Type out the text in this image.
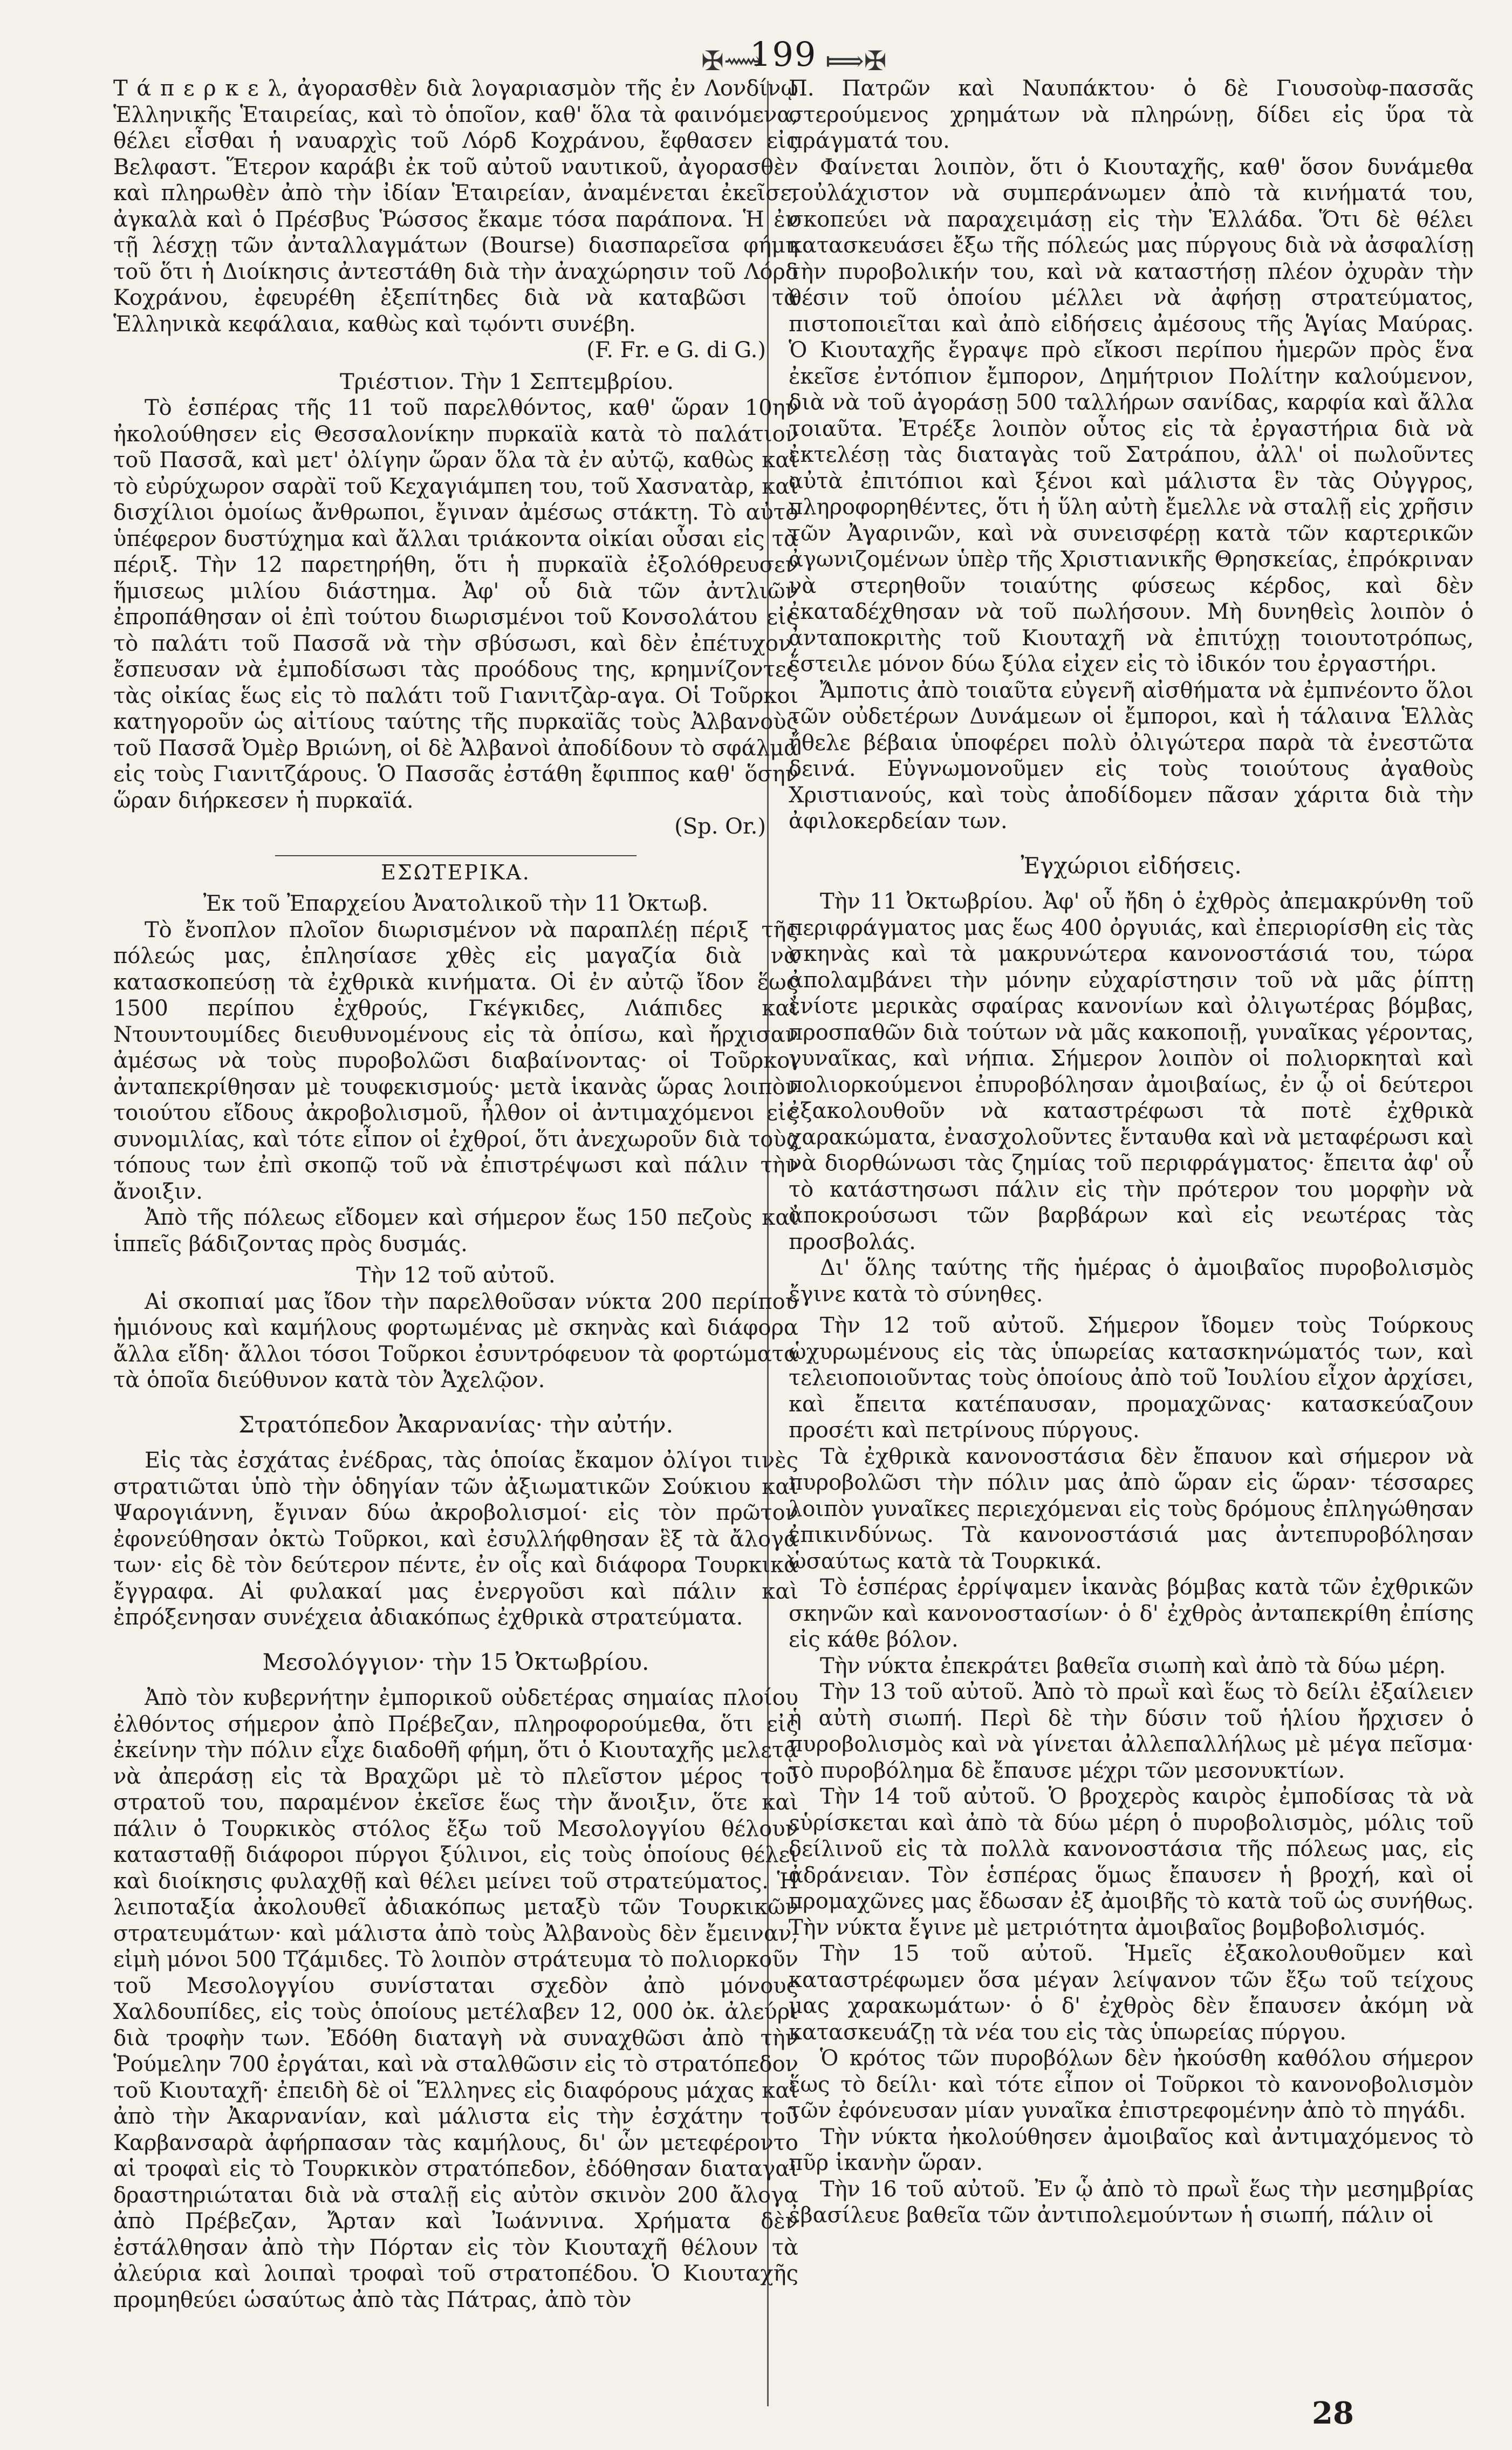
✠⟿
199 ⟾✠

Τ ά π ε ρ κ ε λ, ἀγορασθὲν διὰ λογαριασμὸν τῆς ἐν Λονδίνῳ Ἑλληνικῆς Ἑταιρείας, καὶ τὸ ὁποῖον, καθ' ὅλα τὰ φαινόμενα, θέλει εἶσθαι ἡ ναυαρχὶς τοῦ Λόρδ Κοχράνου, ἔφθασεν εἰς Βελφαστ. Ἕτερον καράβι ἐκ τοῦ αὐτοῦ ναυτικοῦ, ἀγορασθὲν καὶ πληρωθὲν ἀπὸ τὴν ἰδίαν Ἑταιρείαν, ἀναμένεται ἐκεῖσε, ἀγκαλὰ καὶ ὁ Πρέσβυς Ῥώσσος ἔκαμε τόσα παράπονα. Ἡ ἐν τῇ λέσχῃ τῶν ἀνταλλαγμάτων (Bourse) διασπαρεῖσα φήμη τοῦ ὅτι ἡ Διοίκησις ἀντεστάθη διὰ τὴν ἀναχώρησιν τοῦ Λόρδ Κοχράνου, ἐφευρέθη ἐξεπίτηδες διὰ νὰ καταβῶσι τὰ Ἑλληνικὰ κεφάλαια, καθὼς καὶ τῳόντι συνέβη.

(F. Fr. e G. di G.)

Τριέστιον. Τὴν 1 Σεπτεμβρίου.

Τὸ ἑσπέρας τῆς 11 τοῦ παρελθόντος, καθ' ὥραν 10ην ἠκολούθησεν εἰς Θεσσαλονίκην πυρκαϊὰ κατὰ τὸ παλάτιον τοῦ Πασσᾶ, καὶ μετ' ὀλίγην ὥραν ὅλα τὰ ἐν αὐτῷ, καθὼς καὶ τὸ εὐρύχωρον σαρὰϊ τοῦ Κεχαγιάμπεη του, τοῦ Χασνατὰρ, καὶ δισχίλιοι ὁμοίως ἄνθρωποι, ἔγιναν ἀμέσως στάκτη. Τὸ αὐτὸ ὑπέφερον δυστύχημα καὶ ἄλλαι τριάκοντα οἰκίαι οὖσαι εἰς τὰ πέριξ. Τὴν 12 παρετηρήθη, ὅτι ἡ πυρκαϊὰ ἐξολόθρευσεν ἥμισεως μιλίου διάστημα. Ἀφ' οὗ διὰ τῶν ἀντλιῶν ἐπροπάθησαν οἱ ἐπὶ τούτου διωρισμένοι τοῦ Κονσολάτου εἰς τὸ παλάτι τοῦ Πασσᾶ νὰ τὴν σβύσωσι, καὶ δὲν ἐπέτυχον, ἔσπευσαν νὰ ἐμποδίσωσι τὰς προόδους της, κρημνίζοντες τὰς οἰκίας ἕως εἰς τὸ παλάτι τοῦ Γιανιτζὰρ-αγα. Οἱ Τοῦρκοι κατηγοροῦν ὡς αἰτίους ταύτης τῆς πυρκαϊᾶς τοὺς Ἀλβανοὺς τοῦ Πασσᾶ Ὀμὲρ Βριώνη, οἱ δὲ Ἀλβανοὶ ἀποδίδουν τὸ σφάλμα εἰς τοὺς Γιανιτζάρους. Ὁ Πασσᾶς ἐστάθη ἔφιππος καθ' ὅσην ὥραν διήρκεσεν ἡ πυρκαϊά.

(Sp. Or.)

ΕΣΩΤΕΡΙΚΑ.

Ἐκ τοῦ Ἐπαρχείου Ἀνατολικοῦ τὴν 11 Ὀκτωβ.

Τὸ ἔνοπλον πλοῖον διωρισμένον νὰ παραπλέῃ πέριξ τῆς πόλεώς μας, ἐπλησίασε χθὲς εἰς μαγαζία διὰ νὰ κατασκοπεύσῃ τὰ ἐχθρικὰ κινήματα. Οἱ ἐν αὐτῷ ἴδον ἕως 1500 περίπου ἐχθρούς, Γκέγκιδες, Λιάπιδες καὶ Ντουντουμίδες διευθυνομένους εἰς τὰ ὀπίσω, καὶ ἤρχισαν ἀμέσως νὰ τοὺς πυροβολῶσι διαβαίνοντας· οἱ Τοῦρκοι ἀνταπεκρίθησαν μὲ τουφεκισμούς· μετὰ ἱκανὰς ὥρας λοιπὸν τοιούτου εἴδους ἀκροβολισμοῦ, ἦλθον οἱ ἀντιμαχόμενοι εἰς συνομιλίας, καὶ τότε εἶπον οἱ ἐχθροί, ὅτι ἀνεχωροῦν διὰ τοὺς τόπους των ἐπὶ σκοπῷ τοῦ νὰ ἐπιστρέψωσι καὶ πάλιν τὴν ἄνοιξιν.

Ἀπὸ τῆς πόλεως εἴδομεν καὶ σήμερον ἕως 150 πεζοὺς καὶ ἱππεῖς βάδιζοντας πρὸς δυσμάς.

Τὴν 12 τοῦ αὐτοῦ.

Αἱ σκοπιαί μας ἴδον τὴν παρελθοῦσαν νύκτα 200 περίπου ἡμιόνους καὶ καμήλους φορτωμένας μὲ σκηνὰς καὶ διάφορα ἄλλα εἴδη· ἄλλοι τόσοι Τοῦρκοι ἐσυντρόφευον τὰ φορτώματα τὰ ὁποῖα διεύθυνον κατὰ τὸν Ἀχελῷον.

Στρατόπεδον Ἀκαρνανίας· τὴν αὐτήν.

Εἰς τὰς ἐσχάτας ἐνέδρας, τὰς ὁποίας ἔκαμον ὀλίγοι τινὲς στρατιῶται ὑπὸ τὴν ὁδηγίαν τῶν ἀξιωματικῶν Σούκιου καὶ Ψαρογιάννη, ἔγιναν δύω ἀκροβολισμοί· εἰς τὸν πρῶτον ἐφονεύθησαν ὀκτὼ Τοῦρκοι, καὶ ἐσυλλήφθησαν ἓξ τὰ ἄλογά των· εἰς δὲ τὸν δεύτερον πέντε, ἐν οἷς καὶ διάφορα Τουρκικὰ ἔγγραφα. Αἱ φυλακαί μας ἐνεργοῦσι καὶ πάλιν καὶ ἐπρόξενησαν συνέχεια ἀδιακόπως ἐχθρικὰ στρατεύματα.

Μεσολόγγιον· τὴν 15 Ὀκτωβρίου.

Ἀπὸ τὸν κυβερνήτην ἐμπορικοῦ οὐδετέρας σημαίας πλοίου ἐλθόντος σήμερον ἀπὸ Πρέβεζαν, πληροφορούμεθα, ὅτι εἰς ἐκείνην τὴν πόλιν εἶχε διαδοθῆ φήμη, ὅτι ὁ Κιουταχῆς μελετᾷ νὰ ἀπεράσῃ εἰς τὰ Βραχῶρι μὲ τὸ πλεῖστον μέρος τοῦ στρατοῦ του, παραμένον ἐκεῖσε ἕως τὴν ἄνοιξιν, ὅτε καὶ πάλιν ὁ Τουρκικὸς στόλος ἔξω τοῦ Μεσολογγίου θέλουν κατασταθῇ διάφοροι πύργοι ξύλινοι, εἰς τοὺς ὁποίους θέλει καὶ διοίκησις φυλαχθῇ καὶ θέλει μείνει τοῦ στρατεύματος. Ἡ λειποταξία ἀκολουθεῖ ἀδιακόπως μεταξὺ τῶν Τουρκικῶν στρατευμάτων· καὶ μάλιστα ἀπὸ τοὺς Ἀλβανοὺς δὲν ἔμειναν, εἰμὴ μόνοι 500 Τζάμιδες. Τὸ λοιπὸν στράτευμα τὸ πολιορκοῦν τοῦ Μεσολογγίου συνίσταται σχεδὸν ἀπὸ μόνους Χαλδουπίδες, εἰς τοὺς ὁποίους μετέλαβεν 12, 000 ὀκ. ἀλεύρι διὰ τροφὴν των. Ἐδόθη διαταγὴ νὰ συναχθῶσι ἀπὸ τὴν Ῥούμελην 700 ἐργάται, καὶ νὰ σταλθῶσιν εἰς τὸ στρατόπεδον τοῦ Κιουταχῆ· ἐπειδὴ δὲ οἱ Ἕλληνες εἰς διαφόρους μάχας καὶ ἀπὸ τὴν Ἀκαρνανίαν, καὶ μάλιστα εἰς τὴν ἐσχάτην τοῦ Καρβανσαρὰ ἀφήρπασαν τὰς καμήλους, δι' ὧν μετεφέροντο αἱ τροφαὶ εἰς τὸ Τουρκικὸν στρατόπεδον, ἐδόθησαν διαταγαὶ δραστηριώταται διὰ νὰ σταλῇ εἰς αὐτὸν σκινὸν 200 ἄλογα ἀπὸ Πρέβεζαν, Ἄρταν καὶ Ἰωάννινα. Χρήματα δὲν ἐστάλθησαν ἀπὸ τὴν Πόρταν εἰς τὸν Κιουταχῆ θέλουν τὰ ἀλεύρια καὶ λοιπαὶ τροφαὶ τοῦ στρατοπέδου. Ὁ Κιουταχῆς προμηθεύει ὡσαύτως ἀπὸ τὰς Πάτρας, ἀπὸ τὸν

Π. Πατρῶν καὶ Ναυπάκτου· ὁ δὲ Γιουσοὺφ-πασσᾶς στερούμενος χρημάτων νὰ πληρώνῃ, δίδει εἰς ὕρα τὰ πράγματά του.

Φαίνεται λοιπὸν, ὅτι ὁ Κιουταχῆς, καθ' ὅσον δυνάμεθα τοὐλάχιστον νὰ συμπεράνωμεν ἀπὸ τὰ κινήματά του, σκοπεύει νὰ παραχειμάσῃ εἰς τὴν Ἑλλάδα. Ὅτι δὲ θέλει κατασκευάσει ἔξω τῆς πόλεώς μας πύργους διὰ νὰ ἀσφαλίσῃ τὴν πυροβολικήν του, καὶ νὰ καταστήσῃ πλέον ὀχυρὰν τὴν θέσιν τοῦ ὁποίου μέλλει νὰ ἀφήσῃ στρατεύματος, πιστοποιεῖται καὶ ἀπὸ εἰδήσεις ἀμέσους τῆς Ἁγίας Μαύρας. Ὁ Κιουταχῆς ἔγραψε πρὸ εἴκοσι περίπου ἡμερῶν πρὸς ἕνα ἐκεῖσε ἐντόπιον ἔμπορον, Δημήτριον Πολίτην καλούμενον, διὰ νὰ τοῦ ἀγοράσῃ 500 ταλλήρων σανίδας, καρφία καὶ ἄλλα τοιαῦτα. Ἐτρέξε λοιπὸν οὗτος εἰς τὰ ἐργαστήρια διὰ νὰ ἐκτελέσῃ τὰς διαταγὰς τοῦ Σατράπου, ἀλλ' οἱ πωλοῦντες αὐτὰ ἐπιτόπιοι καὶ ξένοι καὶ μάλιστα ἓν τὰς Οὐγγρος, πληροφορηθέντες, ὅτι ἡ ὕλη αὐτὴ ἔμελλε νὰ σταλῇ εἰς χρῆσιν τῶν Ἀγαρινῶν, καὶ νὰ συνεισφέρῃ κατὰ τῶν καρτερικῶν ἀγωνιζομένων ὑπὲρ τῆς Χριστιανικῆς Θρησκείας, ἐπρόκριναν νὰ στερηθοῦν τοιαύτης φύσεως κέρδος, καὶ δὲν ἐκαταδέχθησαν νὰ τοῦ πωλήσουν. Μὴ δυνηθεὶς λοιπὸν ὁ ἀνταποκριτὴς τοῦ Κιουταχῆ νὰ ἐπιτύχῃ τοιουτοτρόπως, ἔστειλε μόνον δύω ξύλα εἰχεν εἰς τὸ ἰδικόν του ἐργαστήρι.

Ἄμποτις ἀπὸ τοιαῦτα εὐγενῆ αἰσθήματα νὰ ἐμπνέοντο ὅλοι τῶν οὐδετέρων Δυνάμεων οἱ ἔμποροι, καὶ ἡ τάλαινα Ἑλλὰς ἤθελε βέβαια ὑποφέρει πολὺ ὀλιγώτερα παρὰ τὰ ἐνεστῶτα δεινά. Εὐγνωμονοῦμεν εἰς τοὺς τοιούτους ἀγαθοὺς Χριστιανούς, καὶ τοὺς ἀποδίδομεν πᾶσαν χάριτα διὰ τὴν ἀφιλοκερδείαν των.

Ἐγχώριοι εἰδήσεις.

Τὴν 11 Ὀκτωβρίου. Ἀφ' οὗ ἤδη ὁ ἐχθρὸς ἀπεμακρύνθη τοῦ περιφράγματος μας ἕως 400 ὀργυιάς, καὶ ἐπεριορίσθη εἰς τὰς σκηνὰς καὶ τὰ μακρυνώτερα κανονοστάσιά του, τώρα ἀπολαμβάνει τὴν μόνην εὐχαρίστησιν τοῦ νὰ μᾶς ῥίπτῃ ἐνίοτε μερικὰς σφαίρας κανονίων καὶ ὀλιγωτέρας βόμβας, προσπαθῶν διὰ τούτων νὰ μᾶς κακοποιῇ, γυναῖκας γέροντας, γυναῖκας, καὶ νήπια. Σήμερον λοιπὸν οἱ πολιορκηταὶ καὶ πολιορκούμενοι ἐπυροβόλησαν ἀμοιβαίως, ἐν ᾧ οἱ δεύτεροι ἐξακολουθοῦν νὰ καταστρέφωσι τὰ ποτὲ ἐχθρικὰ χαρακώματα, ἐνασχολοῦντες ἔνταυθα καὶ νὰ μεταφέρωσι καὶ νὰ διορθώνωσι τὰς ζημίας τοῦ περιφράγματος· ἔπειτα ἀφ' οὗ τὸ κατάστησωσι πάλιν εἰς τὴν πρότερον του μορφὴν νὰ ἀποκρούσωσι τῶν βαρβάρων καὶ εἰς νεωτέρας τὰς προσβολάς.

Δι' ὅλης ταύτης τῆς ἡμέρας ὁ ἀμοιβαῖος πυροβολισμὸς ἔγινε κατὰ τὸ σύνηθες.

Τὴν 12 τοῦ αὐτοῦ. Σήμερον ἴδομεν τοὺς Τούρκους ὡχυρωμένους εἰς τὰς ὑπωρείας κατασκηνώματός των, καὶ τελειοποιοῦντας τοὺς ὁποίους ἀπὸ τοῦ Ἰουλίου εἶχον ἀρχίσει, καὶ ἔπειτα κατέπαυσαν, προμαχῶνας· κατασκεύαζουν προσέτι καὶ πετρίνους πύργους.

Τὰ ἐχθρικὰ κανονοστάσια δὲν ἔπαυον καὶ σήμερον νὰ πυροβολῶσι τὴν πόλιν μας ἀπὸ ὥραν εἰς ὥραν· τέσσαρες λοιπὸν γυναῖκες περιεχόμεναι εἰς τοὺς δρόμους ἐπληγώθησαν ἐπικινδύνως. Τὰ κανονοστάσιά μας ἀντεπυροβόλησαν ὡσαύτως κατὰ τὰ Τουρκικά.

Τὸ ἑσπέρας ἐρρίψαμεν ἱκανὰς βόμβας κατὰ τῶν ἐχθρικῶν σκηνῶν καὶ κανονοστασίων· ὁ δ' ἐχθρὸς ἀνταπεκρίθη ἐπίσης εἰς κάθε βόλον.

Τὴν νύκτα ἐπεκράτει βαθεῖα σιωπὴ καὶ ἀπὸ τὰ δύω μέρη.

Τὴν 13 τοῦ αὐτοῦ. Ἀπὸ τὸ πρωῒ καὶ ἕως τὸ δείλι ἐξαίλειεν ἡ αὐτὴ σιωπή. Περὶ δὲ τὴν δύσιν τοῦ ἡλίου ἤρχισεν ὁ πυροβολισμὸς καὶ νὰ γίνεται ἀλλεπαλλήλως μὲ μέγα πεῖσμα· τὸ πυροβόλημα δὲ ἔπαυσε μέχρι τῶν μεσονυκτίων.

Τὴν 14 τοῦ αὐτοῦ. Ὁ βροχερὸς καιρὸς ἐμποδίσας τὰ νὰ εὑρίσκεται καὶ ἀπὸ τὰ δύω μέρη ὁ πυροβολισμὸς, μόλις τοῦ δείλινοῦ εἰς τὰ πολλὰ κανονοστάσια τῆς πόλεως μας, εἰς ἀδράνειαν. Τὸν ἑσπέρας ὅμως ἔπαυσεν ἡ βροχή, καὶ οἱ προμαχῶνες μας ἔδωσαν ἐξ ἀμοιβῆς τὸ κατὰ τοῦ ὡς συνήθως. Τὴν νύκτα ἔγινε μὲ μετριότητα ἀμοιβαῖος βομβοβολισμός.

Τὴν 15 τοῦ αὐτοῦ. Ἡμεῖς ἐξακολουθοῦμεν καὶ καταστρέφωμεν ὅσα μέγαν λείψανον τῶν ἔξω τοῦ τείχους μας χαρακωμάτων· ὁ δ' ἐχθρὸς δὲν ἔπαυσεν ἀκόμη νὰ κατασκευάζῃ τὰ νέα του εἰς τὰς ὑπωρείας πύργου.

Ὁ κρότος τῶν πυροβόλων δὲν ἠκούσθη καθόλου σήμερον ἕως τὸ δείλι· καὶ τότε εἶπον οἱ Τοῦρκοι τὸ κανονοβολισμὸν τῶν ἐφόνευσαν μίαν γυναῖκα ἐπιστρεφομένην ἀπὸ τὸ πηγάδι.

Τὴν νύκτα ἠκολούθησεν ἀμοιβαῖος καὶ ἀντιμαχόμενος τὸ πῦρ ἱκανὴν ὥραν.

Τὴν 16 τοῦ αὐτοῦ. Ἐν ᾧ ἀπὸ τὸ πρωῒ ἕως τὴν μεσημβρίας ἐβασίλευε βαθεῖα τῶν ἀντιπολεμούντων ἡ σιωπή, πάλιν οἱ

28
